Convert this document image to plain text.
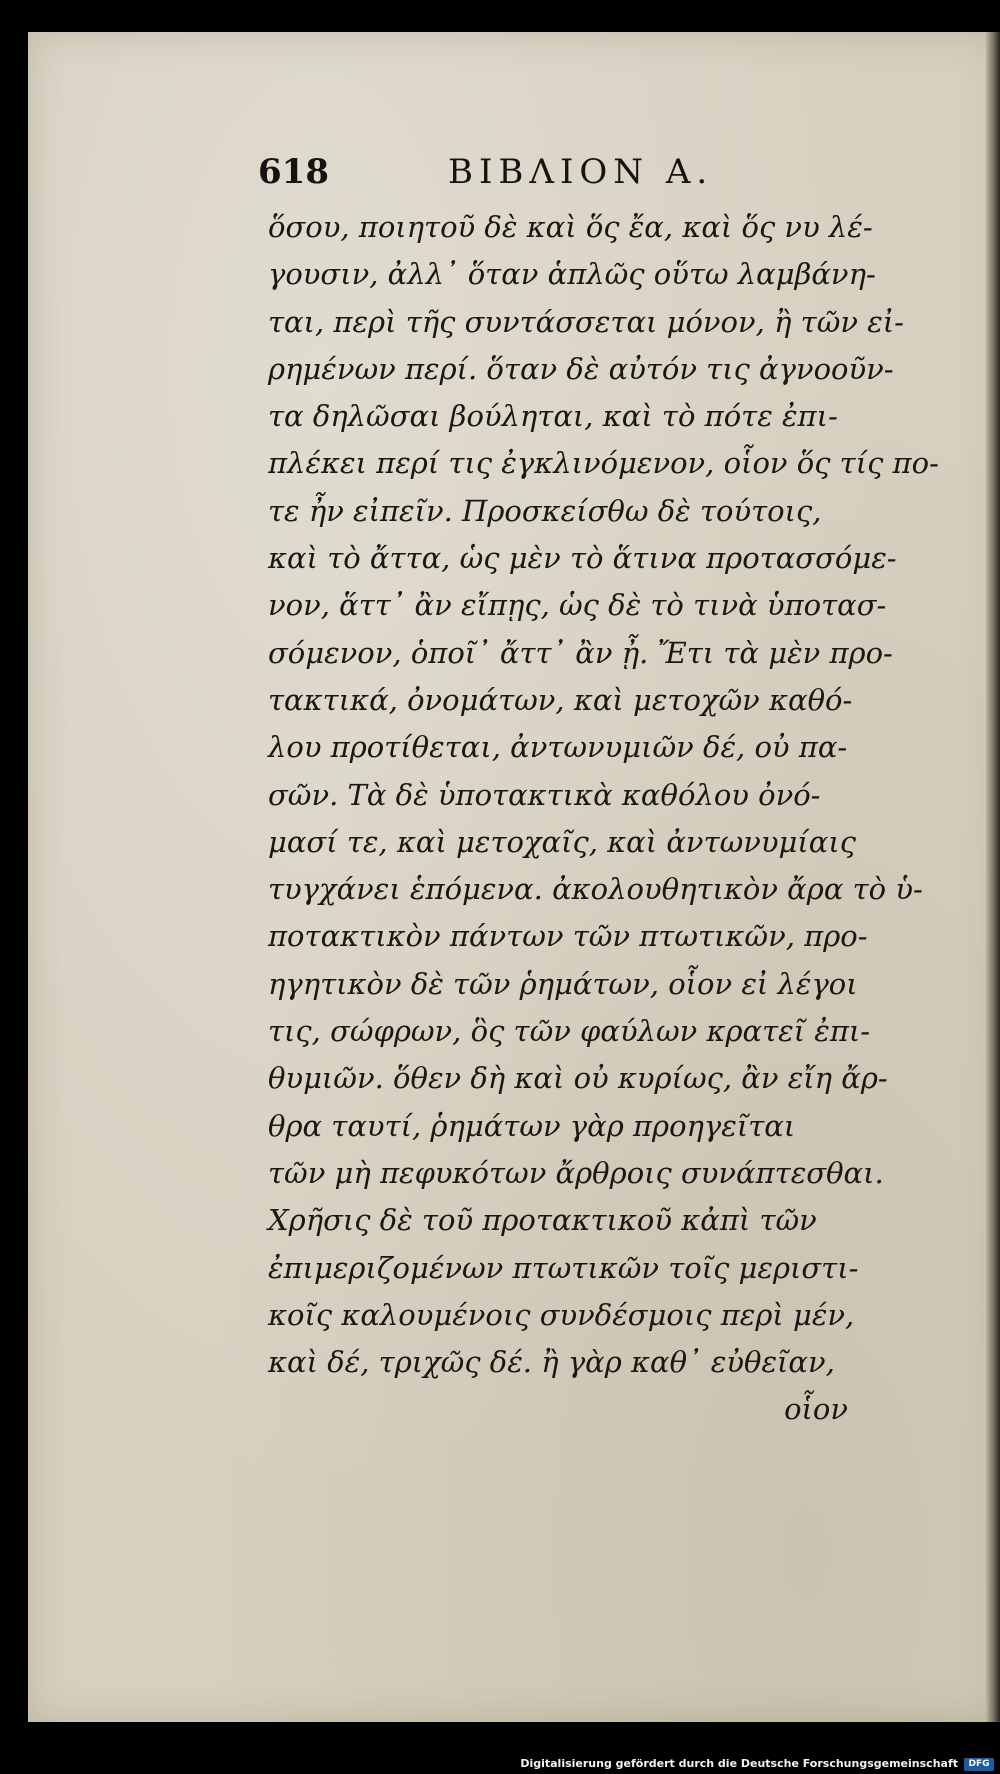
618	ΒΙΒΛΙΟΝ Α.
ὅσου, ποιητοῦ δὲ καὶ ὅς ἔα, καὶ ὅς νυ λέ-
γουσιν, ἀλλ᾽ ὅταν ἁπλῶς οὕτω λαμβάνη-
ται, περὶ τῆς συντάσσεται μόνον, ἢ τῶν εἰ-
ρημένων περί. ὅταν δὲ αὐτόν τις ἀγνοοῦν-
τα δηλῶσαι βούληται, καὶ τὸ πότε ἐπι-
πλέκει περί τις ἐγκλινόμενον, οἷον ὅς τίς πο-
τε ἦν εἰπεῖν. Προσκείσθω δὲ τούτοις,
καὶ τὸ ἄττα, ὡς μὲν τὸ ἅτινα προτασσόμε-
νον, ἅττ᾽ ἂν εἴπῃς, ὡς δὲ τὸ τινὰ ὑποτασ-
σόμενον, ὁποῖ᾽ ἄττ᾽ ἂν ᾖ. Ἔτι τὰ μὲν προ-
τακτικά, ὀνομάτων, καὶ μετοχῶν καθό-
λου προτίθεται, ἀντωνυμιῶν δέ, οὐ πα-
σῶν. Τὰ δὲ ὑποτακτικὰ καθόλου ὀνό-
μασί τε, καὶ μετοχαῖς, καὶ ἀντωνυμίαις
τυγχάνει ἑπόμενα. ἀκολουθητικὸν ἄρα τὸ ὑ-
ποτακτικὸν πάντων τῶν πτωτικῶν, προ-
ηγητικὸν δὲ τῶν ῥημάτων, οἷον εἰ λέγοι
τις, σώφρων, ὃς τῶν φαύλων κρατεῖ ἐπι-
θυμιῶν. ὅθεν δὴ καὶ οὐ κυρίως, ἂν εἴη ἄρ-
θρα ταυτί, ῥημάτων γὰρ προηγεῖται
τῶν μὴ πεφυκότων ἄρθροις συνάπτεσθαι.
Χρῆσις δὲ τοῦ προτακτικοῦ κἀπὶ τῶν
ἐπιμεριζομένων πτωτικῶν τοῖς μεριστι-
κοῖς καλουμένοις συνδέσμοις περὶ μέν,
καὶ δέ, τριχῶς δέ. ἢ γὰρ καθ᾽ εὐθεῖαν,
οἷον
Digitalisierung gefördert durch die Deutsche Forschungsgemeinschaft	DFG
